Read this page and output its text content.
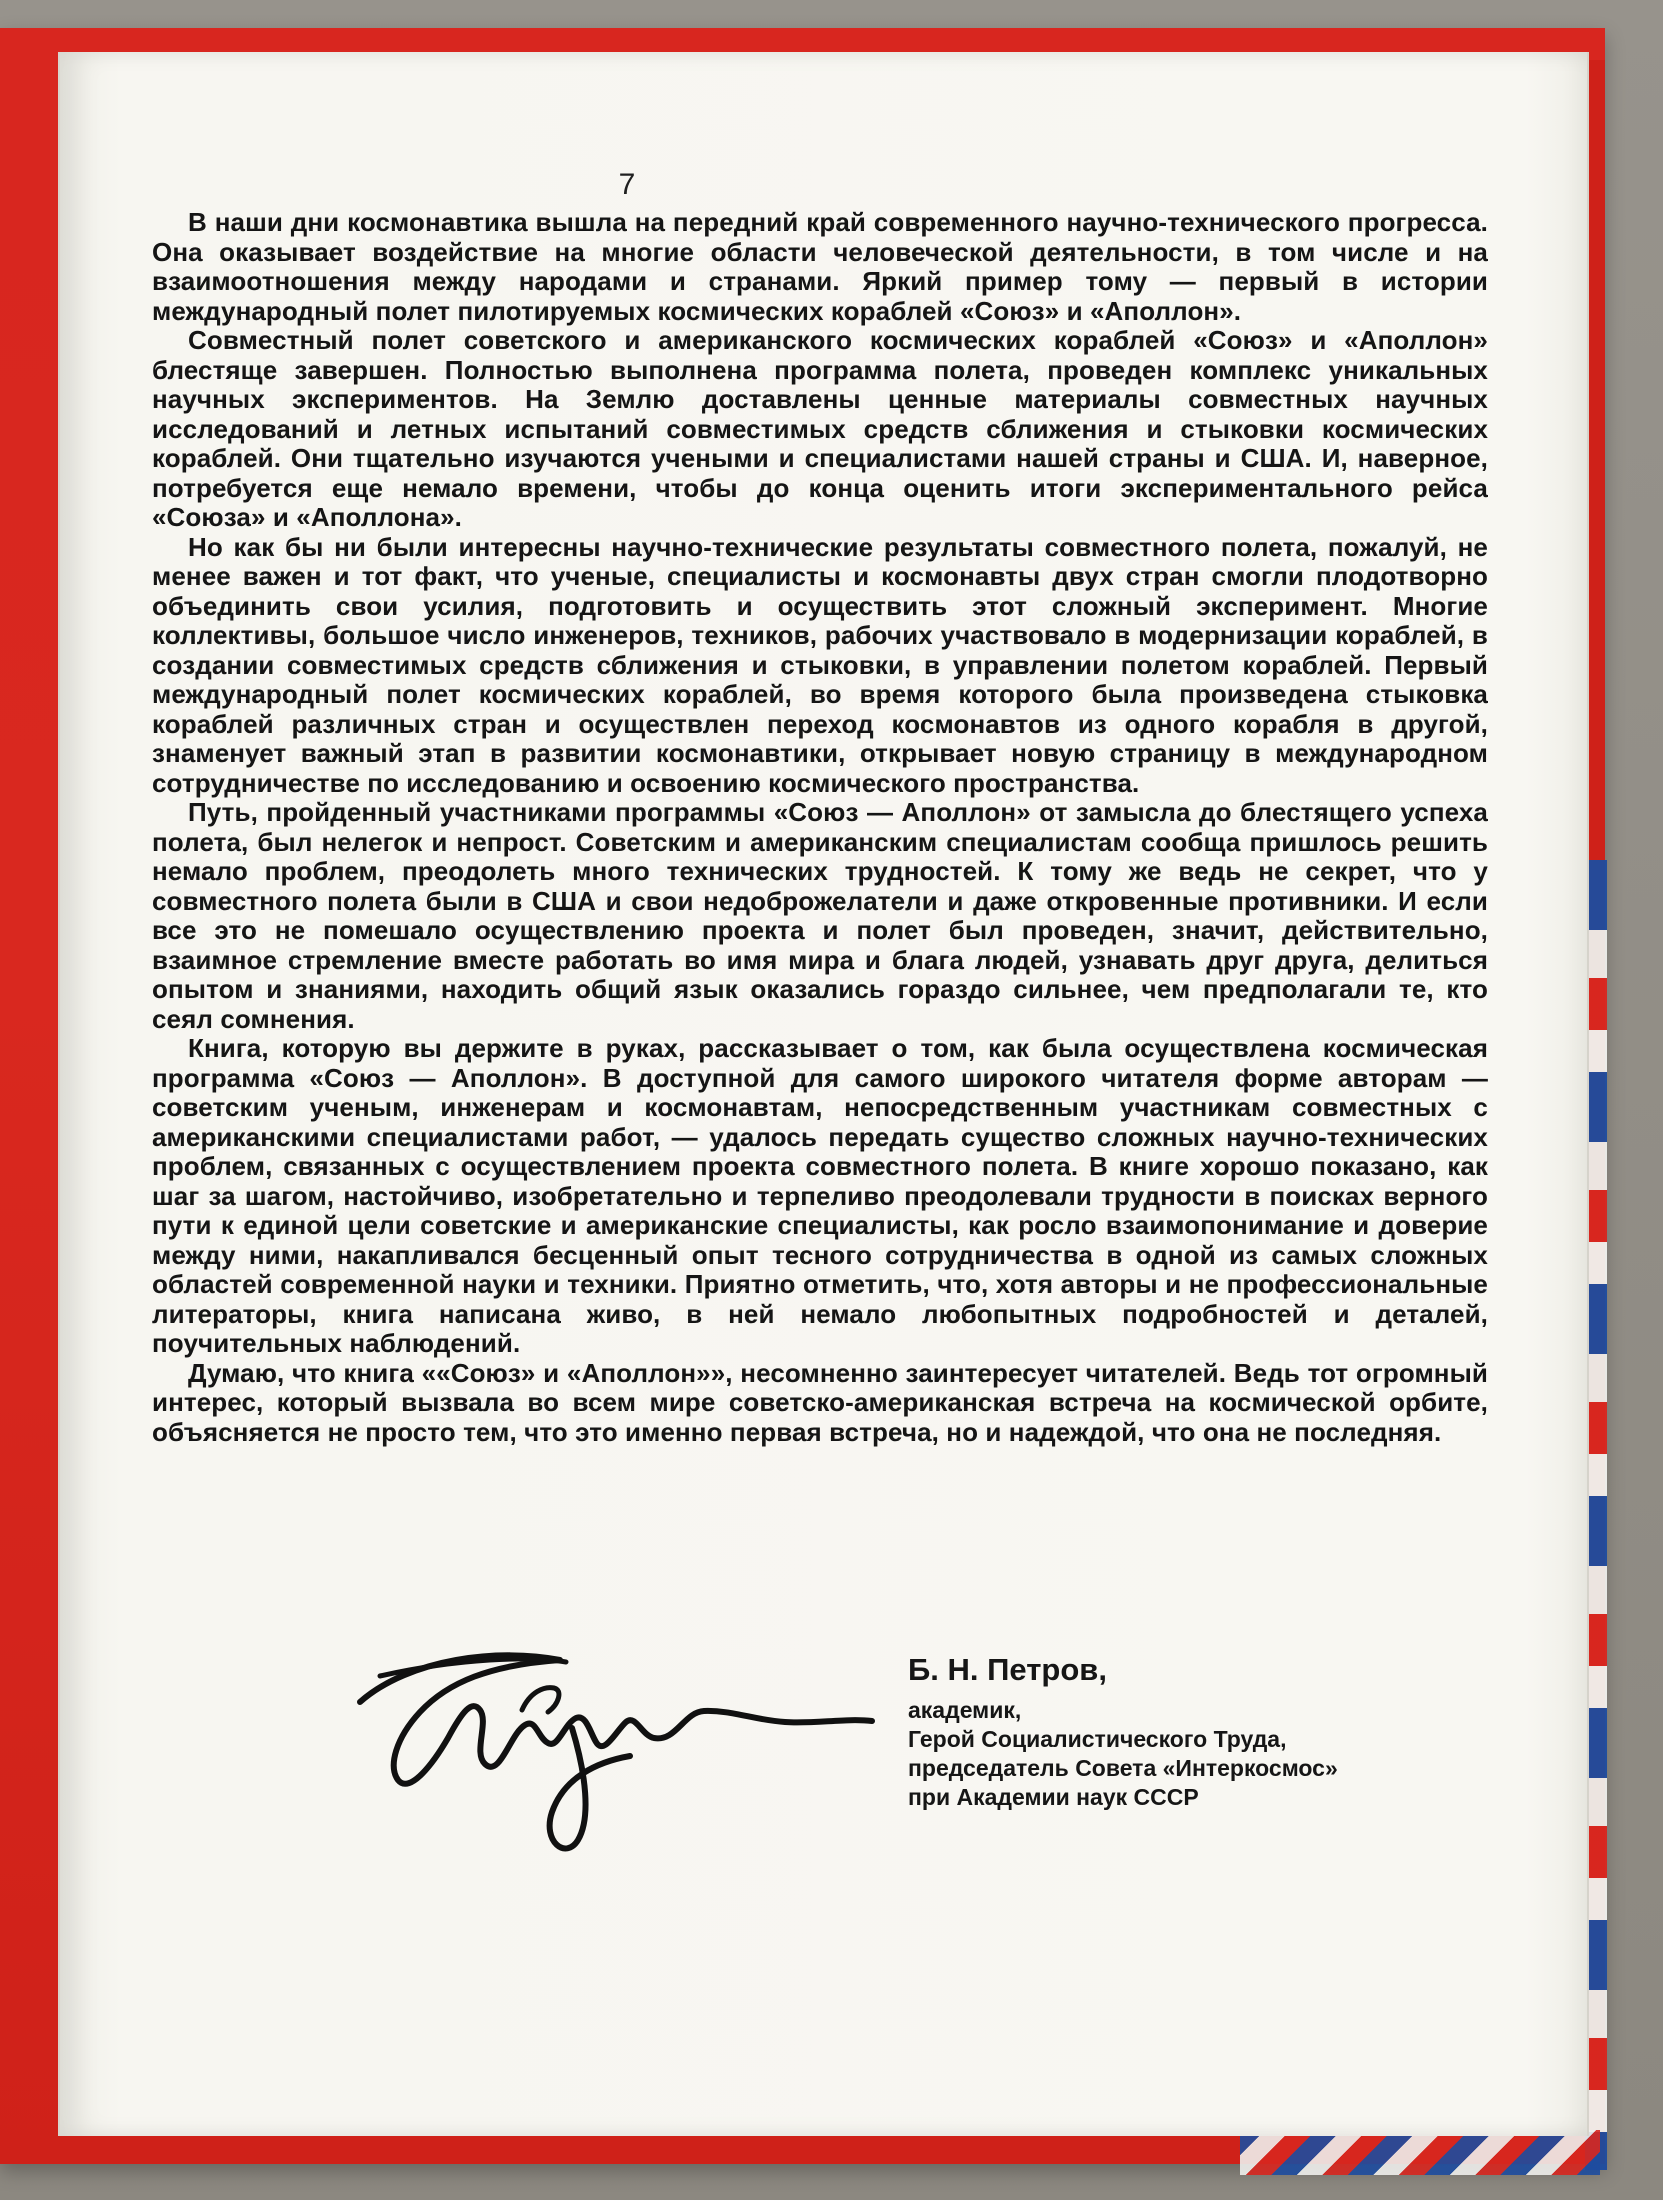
7

В наши дни космонавтика вышла на передний край современного научно-технического прогресса. Она оказывает воздействие на многие области человеческой деятельности, в том числе и на взаимоотношения между народами и странами. Яркий пример тому — первый в истории международный полет пилотируемых космических кораблей «Союз» и «Аполлон».

Совместный полет советского и американского космических кораблей «Союз» и «Аполлон» блестяще завершен. Полностью выполнена программа полета, проведен комплекс уникальных научных экспериментов. На Землю доставлены ценные материалы совместных научных исследований и летных испытаний совместимых средств сближения и стыковки космических кораблей. Они тщательно изучаются учеными и специалистами нашей страны и США. И, наверное, потребуется еще немало времени, чтобы до конца оценить итоги экспериментального рейса «Союза» и «Аполлона».

Но как бы ни были интересны научно-технические результаты совместного полета, пожалуй, не менее важен и тот факт, что ученые, специалисты и космонавты двух стран смогли плодотворно объединить свои усилия, подготовить и осуществить этот сложный эксперимент. Многие коллективы, большое число инженеров, техников, рабочих участвовало в модернизации кораблей, в создании совместимых средств сближения и стыковки, в управлении полетом кораблей. Первый международный полет космических кораблей, во время которого была произведена стыковка кораблей различных стран и осуществлен переход космонавтов из одного корабля в другой, знаменует важный этап в развитии космонавтики, открывает новую страницу в международном сотрудничестве по исследованию и освоению космического пространства.

Путь, пройденный участниками программы «Союз — Аполлон» от замысла до блестящего успеха полета, был нелегок и непрост. Советским и американским специалистам сообща пришлось решить немало проблем, преодолеть много технических трудностей. К тому же ведь не секрет, что у совместного полета были в США и свои недоброжелатели и даже откровенные противники. И если все это не помешало осуществлению проекта и полет был проведен, значит, действительно, взаимное стремление вместе работать во имя мира и блага людей, узнавать друг друга, делиться опытом и знаниями, находить общий язык оказались гораздо сильнее, чем предполагали те, кто сеял сомнения.

Книга, которую вы держите в руках, рассказывает о том, как была осуществлена космическая программа «Союз — Аполлон». В доступной для самого широкого читателя форме авторам — советским ученым, инженерам и космонавтам, непосредственным участникам совместных с американскими специалистами работ, — удалось передать существо сложных научно-технических проблем, связанных с осуществлением проекта совместного полета. В книге хорошо показано, как шаг за шагом, настойчиво, изобретательно и терпеливо преодолевали трудности в поисках верного пути к единой цели советские и американские специалисты, как росло взаимопонимание и доверие между ними, накапливался бесценный опыт тесного сотрудничества в одной из самых сложных областей современной науки и техники. Приятно отметить, что, хотя авторы и не профессиональные литераторы, книга написана живо, в ней немало любопытных подробностей и деталей, поучительных наблюдений.

Думаю, что книга ««Союз» и «Аполлон»», несомненно заинтересует читателей. Ведь тот огромный интерес, который вызвала во всем мире советско-американская встреча на космической орбите, объясняется не просто тем, что это именно первая встреча, но и надеждой, что она не последняя.

Б. Н. Петров,

академик,

Герой Социалистического Труда,

председатель Совета «Интеркосмос»

при Академии наук СССР
